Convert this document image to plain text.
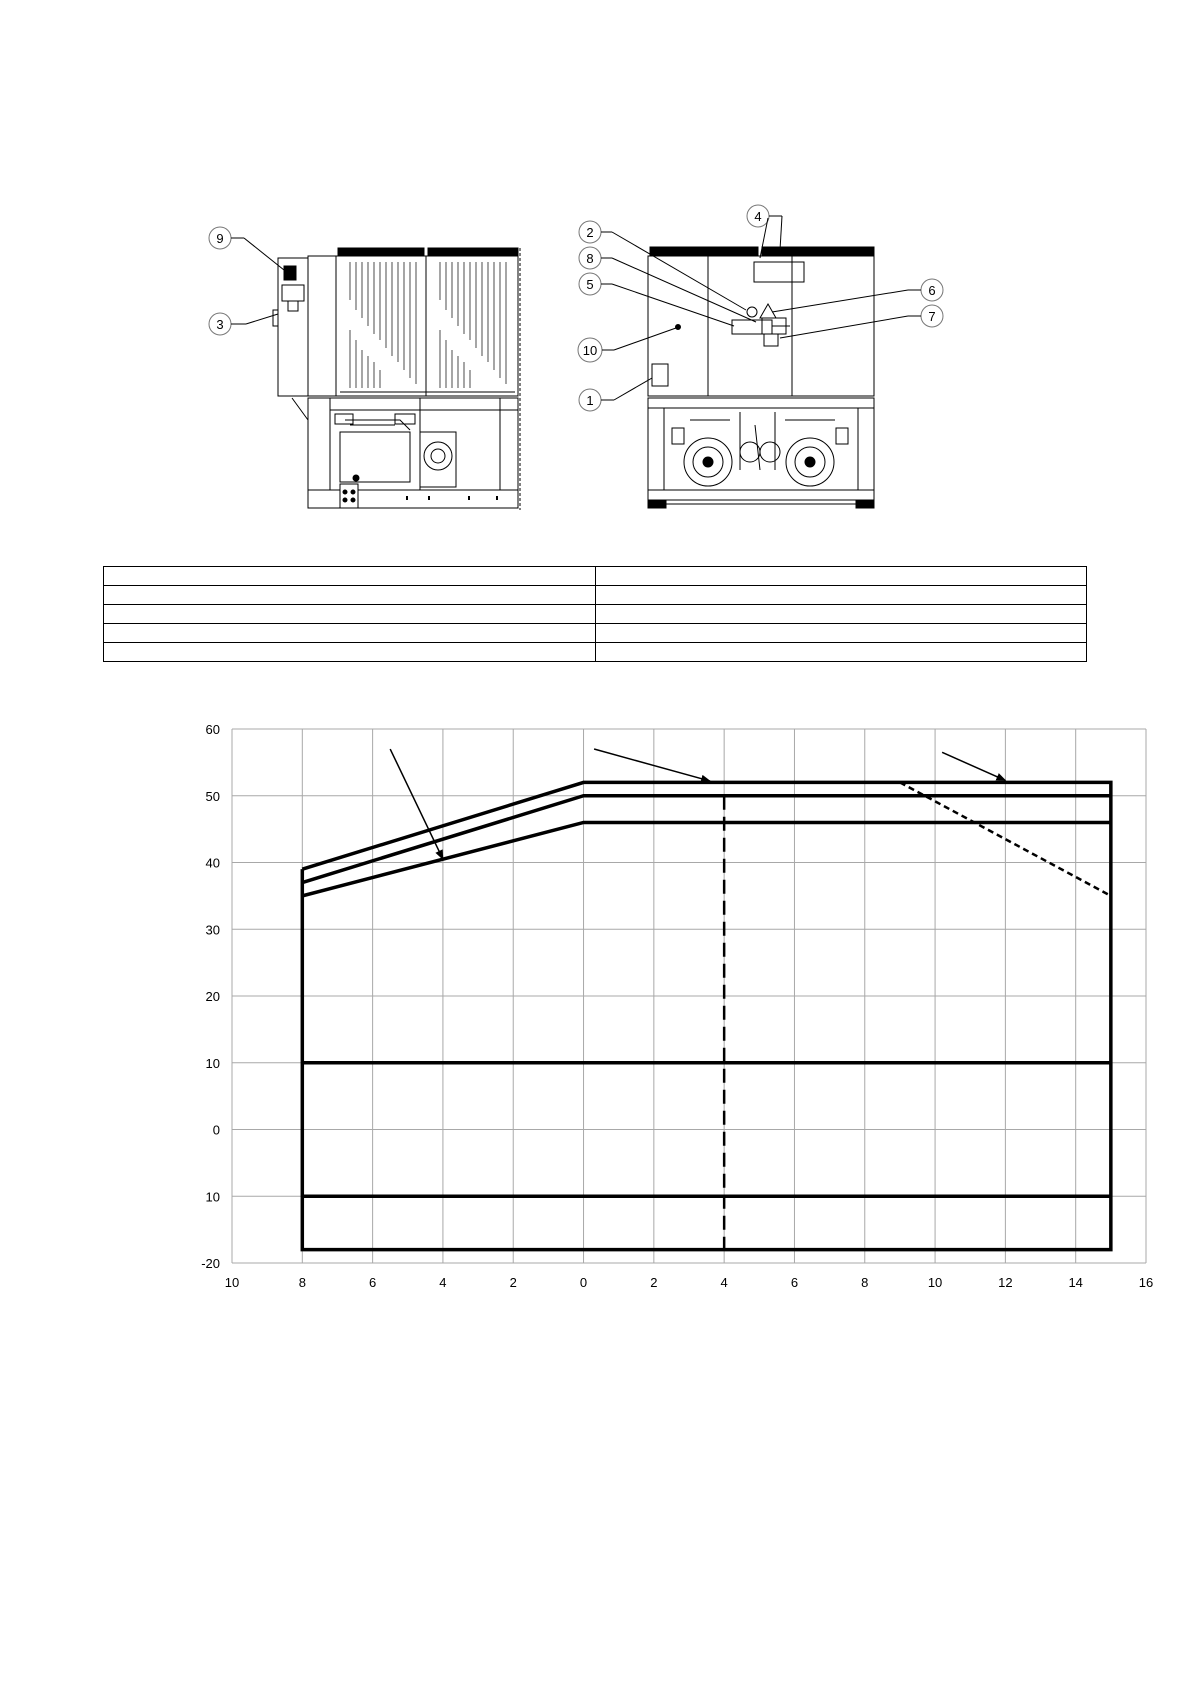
9
3
4
2
8
5
10
1
6
7

10	8	6	4	2	0	2	4	6	8	10	12	14	16
60
50
40
30
20
10
0
10
-20
